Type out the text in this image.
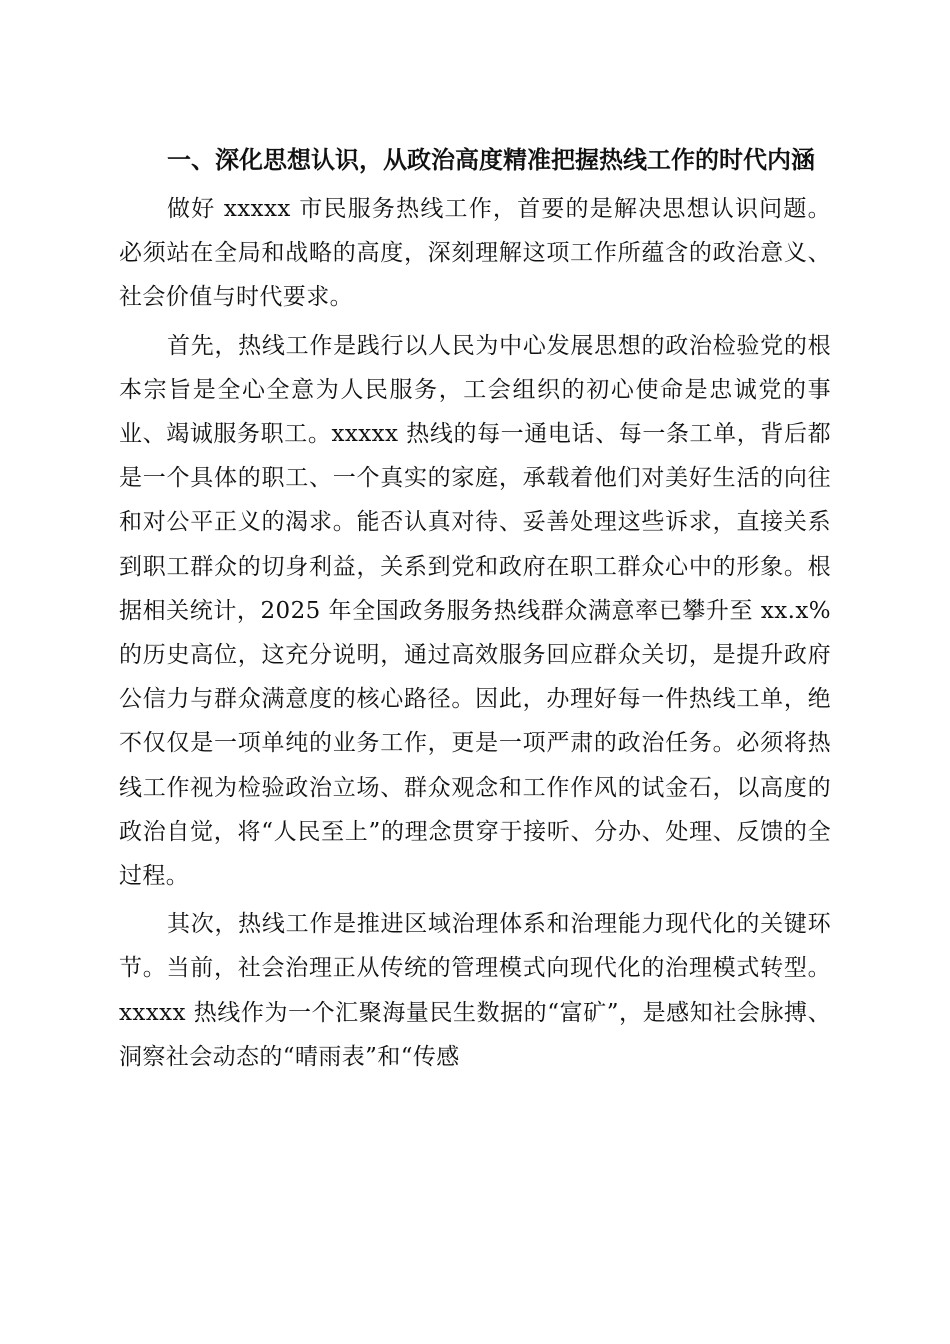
一、深化思想认识，从政治高度精准把握热线工作的时代内涵

做好 xxxxx 市民服务热线工作，首要的是解决思想认识问题。必须站在全局和战略的高度，深刻理解这项工作所蕴含的政治意义、社会价值与时代要求。

首先，热线工作是践行以人民为中心发展思想的政治检验党的根本宗旨是全心全意为人民服务，工会组织的初心使命是忠诚党的事业、竭诚服务职工。xxxxx 热线的每一通电话、每一条工单，背后都是一个具体的职工、一个真实的家庭，承载着他们对美好生活的向往和对公平正义的渴求。能否认真对待、妥善处理这些诉求，直接关系到职工群众的切身利益，关系到党和政府在职工群众心中的形象。根据相关统计，2025 年全国政务服务热线群众满意率已攀升至 xx.x%的历史高位，这充分说明，通过高效服务回应群众关切，是提升政府公信力与群众满意度的核心路径。因此，办理好每一件热线工单，绝不仅仅是一项单纯的业务工作，更是一项严肃的政治任务。必须将热线工作视为检验政治立场、群众观念和工作作风的试金石，以高度的政治自觉，将“人民至上”的理念贯穿于接听、分办、处理、反馈的全过程。

其次，热线工作是推进区域治理体系和治理能力现代化的关键环节。当前，社会治理正从传统的管理模式向现代化的治理模式转型。xxxxx 热线作为一个汇聚海量民生数据的“富矿”，是感知社会脉搏、洞察社会动态的“晴雨表”和“传感
